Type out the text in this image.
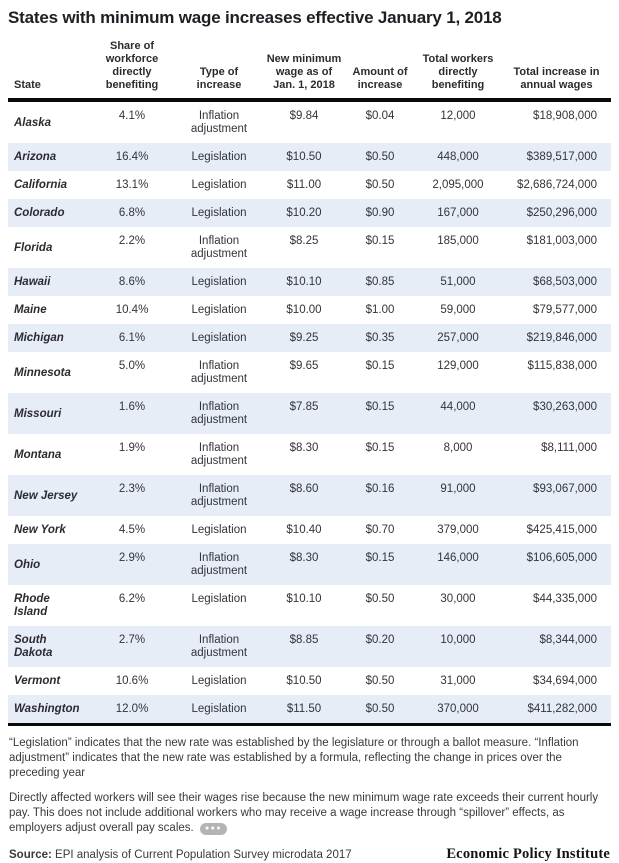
States with minimum wage increases effective January 1, 2018
State	Share of workforce directly benefiting	Type of increase	New minimum wage as of Jan. 1, 2018	Amount of increase	Total workers directly benefiting	Total increase in annual wages
Alaska	4.1%	Inflation adjustment	$9.84	$0.04	12,000	$18,908,000
Arizona	16.4%	Legislation	$10.50	$0.50	448,000	$389,517,000
California	13.1%	Legislation	$11.00	$0.50	2,095,000	$2,686,724,000
Colorado	6.8%	Legislation	$10.20	$0.90	167,000	$250,296,000
Florida	2.2%	Inflation adjustment	$8.25	$0.15	185,000	$181,003,000
Hawaii	8.6%	Legislation	$10.10	$0.85	51,000	$68,503,000
Maine	10.4%	Legislation	$10.00	$1.00	59,000	$79,577,000
Michigan	6.1%	Legislation	$9.25	$0.35	257,000	$219,846,000
Minnesota	5.0%	Inflation adjustment	$9.65	$0.15	129,000	$115,838,000
Missouri	1.6%	Inflation adjustment	$7.85	$0.15	44,000	$30,263,000
Montana	1.9%	Inflation adjustment	$8.30	$0.15	8,000	$8,111,000
New Jersey	2.3%	Inflation adjustment	$8.60	$0.16	91,000	$93,067,000
New York	4.5%	Legislation	$10.40	$0.70	379,000	$425,415,000
Ohio	2.9%	Inflation adjustment	$8.30	$0.15	146,000	$106,605,000
Rhode Island	6.2%	Legislation	$10.10	$0.50	30,000	$44,335,000
South Dakota	2.7%	Inflation adjustment	$8.85	$0.20	10,000	$8,344,000
Vermont	10.6%	Legislation	$10.50	$0.50	31,000	$34,694,000
Washington	12.0%	Legislation	$11.50	$0.50	370,000	$411,282,000

“Legislation” indicates that the new rate was established by the legislature or through a ballot measure. “Inflation adjustment” indicates that the new rate was established by a formula, reflecting the change in prices over the preceding year

Directly affected workers will see their wages rise because the new minimum wage rate exceeds their current hourly pay. This does not include additional workers who may receive a wage increase through “spillover” effects, as employers adjust overall pay scales. ●●●

Source: EPI analysis of Current Population Survey microdata 2017	Economic Policy Institute
